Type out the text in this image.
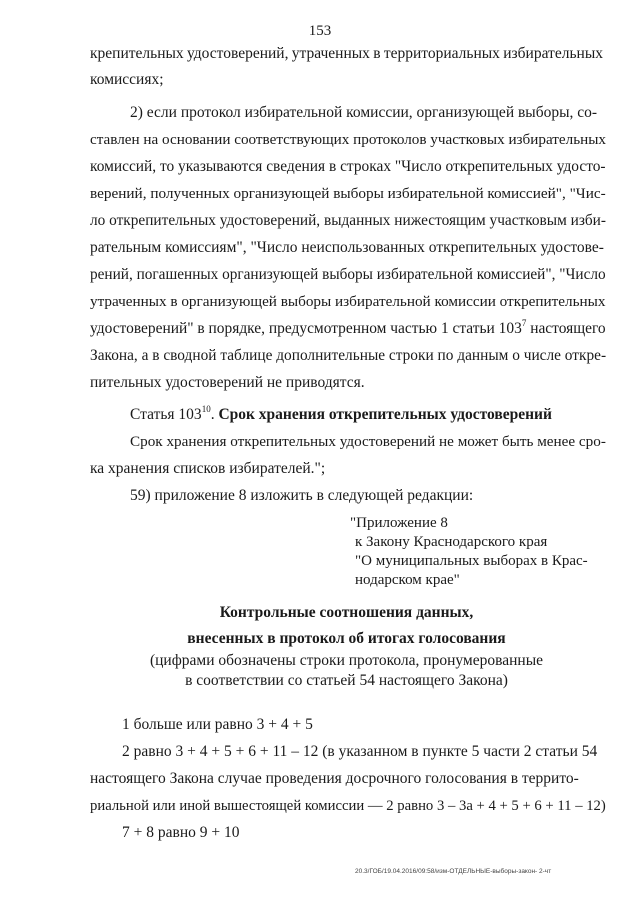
153
крепительных удостоверений, утраченных в территориальных избирательных
комиссиях;
2) если протокол избирательной комиссии, организующей выборы, со-
ставлен на основании соответствующих протоколов участковых избирательных
комиссий, то указываются сведения в строках "Число открепительных удосто-
верений, полученных организующей выборы избирательной комиссией", "Чис-
ло открепительных удостоверений, выданных нижестоящим участковым изби-
рательным комиссиям", "Число неиспользованных открепительных удостове-
рений, погашенных организующей выборы избирательной комиссией", "Число
утраченных в организующей выборы избирательной комиссии открепительных
удостоверений" в порядке, предусмотренном частью 1 статьи $103^7$ настоящего
Закона, а в сводной таблице дополнительные строки по данным о числе откре-
пительных удостоверений не приводятся.
Статья $103^{10}$. Срок хранения открепительных удостоверений
Срок хранения открепительных удостоверений не может быть менее сро-
ка хранения списков избирателей.";
59) приложение 8 изложить в следующей редакции:
"Приложение 8
к Закону Краснодарского края
"О муниципальных выборах в Крас-
нодарском крае"
Контрольные соотношения данных,
внесенных в протокол об итогах голосования
(цифрами обозначены строки протокола, пронумерованные
в соответствии со статьей 54 настоящего Закона)
1 больше или равно 3 + 4 + 5
2 равно 3 + 4 + 5 + 6 + 11 – 12 (в указанном в пункте 5 части 2 статьи 54
настоящего Закона случае проведения досрочного голосования в террито-
риальной или иной вышестоящей комиссии — 2 равно 3 – 3а + 4 + 5 + 6 + 11 – 12)
7 + 8 равно 9 + 10
20.3/ГОБ/19.04.2016/09:58/изм-ОТДЕЛЬНЫЕ-выборы-закон- 2-чт
